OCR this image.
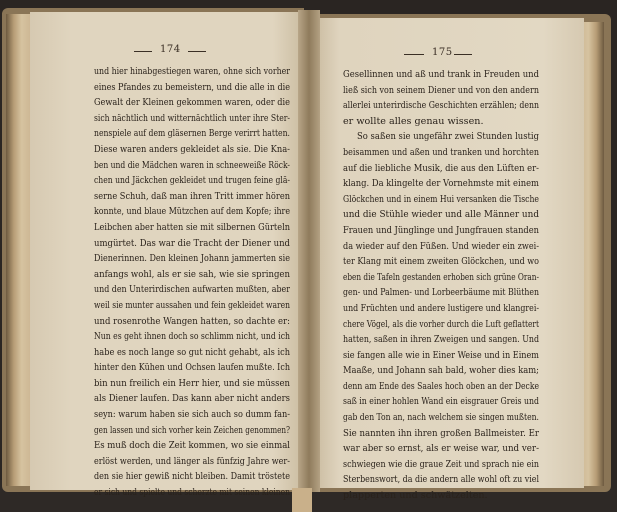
174	175
und hier hinabgestiegen waren, ohne sich vorher
eines Pfandes zu bemeistern, und die alle in die
Gewalt der Kleinen gekommen waren, oder die
sich nächtlich und witternächtlich unter ihre Ster-
nenspiele auf dem gläsernen Berge verirrt hatten.
Diese waren anders gekleidet als sie. Die Kna-
ben und die Mädchen waren in schneeweiße Röck-
chen und Jäckchen gekleidet und trugen feine glä-
serne Schuh, daß man ihren Tritt immer hören
konnte, und blaue Mützchen auf dem Kopfe; ihre
Leibchen aber hatten sie mit silbernen Gürteln
umgürtet. Das war die Tracht der Diener und
Dienerinnen. Den kleinen Johann jammerten sie
anfangs wohl, als er sie sah, wie sie springen
und den Unterirdischen aufwarten mußten, aber
weil sie munter aussahen und fein gekleidet waren
und rosenrothe Wangen hatten, so dachte er:
Nun es geht ihnen doch so schlimm nicht, und ich
habe es noch lange so gut nicht gehabt, als ich
hinter den Kühen und Ochsen laufen mußte. Ich
bin nun freilich ein Herr hier, und sie müssen
als Diener laufen. Das kann aber nicht anders
seyn: warum haben sie sich auch so dumm fan-
gen lassen und sich vorher kein Zeichen genommen?
Es muß doch die Zeit kommen, wo sie einmal
erlöst werden, und länger als fünfzig Jahre wer-
den sie hier gewiß nicht bleiben. Damit tröstete
er sich und spielte und scherzte mit seinen kleinen
Gesellinnen und aß und trank in Freuden und
ließ sich von seinem Diener und von den andern
allerlei unterirdische Geschichten erzählen; denn
er wollte alles genau wissen.
So saßen sie ungefähr zwei Stunden lustig
beisammen und aßen und tranken und horchten
auf die liebliche Musik, die aus den Lüften er-
klang. Da klingelte der Vornehmste mit einem
Glöckchen und in einem Hui versanken die Tische
und die Stühle wieder und alle Männer und
Frauen und Jünglinge und Jungfrauen standen
da wieder auf den Füßen. Und wieder ein zwei-
ter Klang mit einem zweiten Glöckchen, und wo
eben die Tafeln gestanden erhoben sich grüne Oran-
gen- und Palmen- und Lorbeerbäume mit Blüthen
und Früchten und andere lustigere und klangrei-
chere Vögel, als die vorher durch die Luft geflattert
hatten, saßen in ihren Zweigen und sangen. Und
sie fangen alle wie in Einer Weise und in Einem
Maaße, und Johann sah bald, woher dies kam;
denn am Ende des Saales hoch oben an der Decke
saß in einer hohlen Wand ein eisgrauer Greis und
gab den Ton an, nach welchem sie singen mußten.
Sie nannten ihn ihren großen Ballmeister. Er
war aber so ernst, als er weise war, und ver-
schwiegen wie die graue Zeit und sprach nie ein
Sterbenswort, da die andern alle wohl oft zu viel
plapperten und schwätzelten.
